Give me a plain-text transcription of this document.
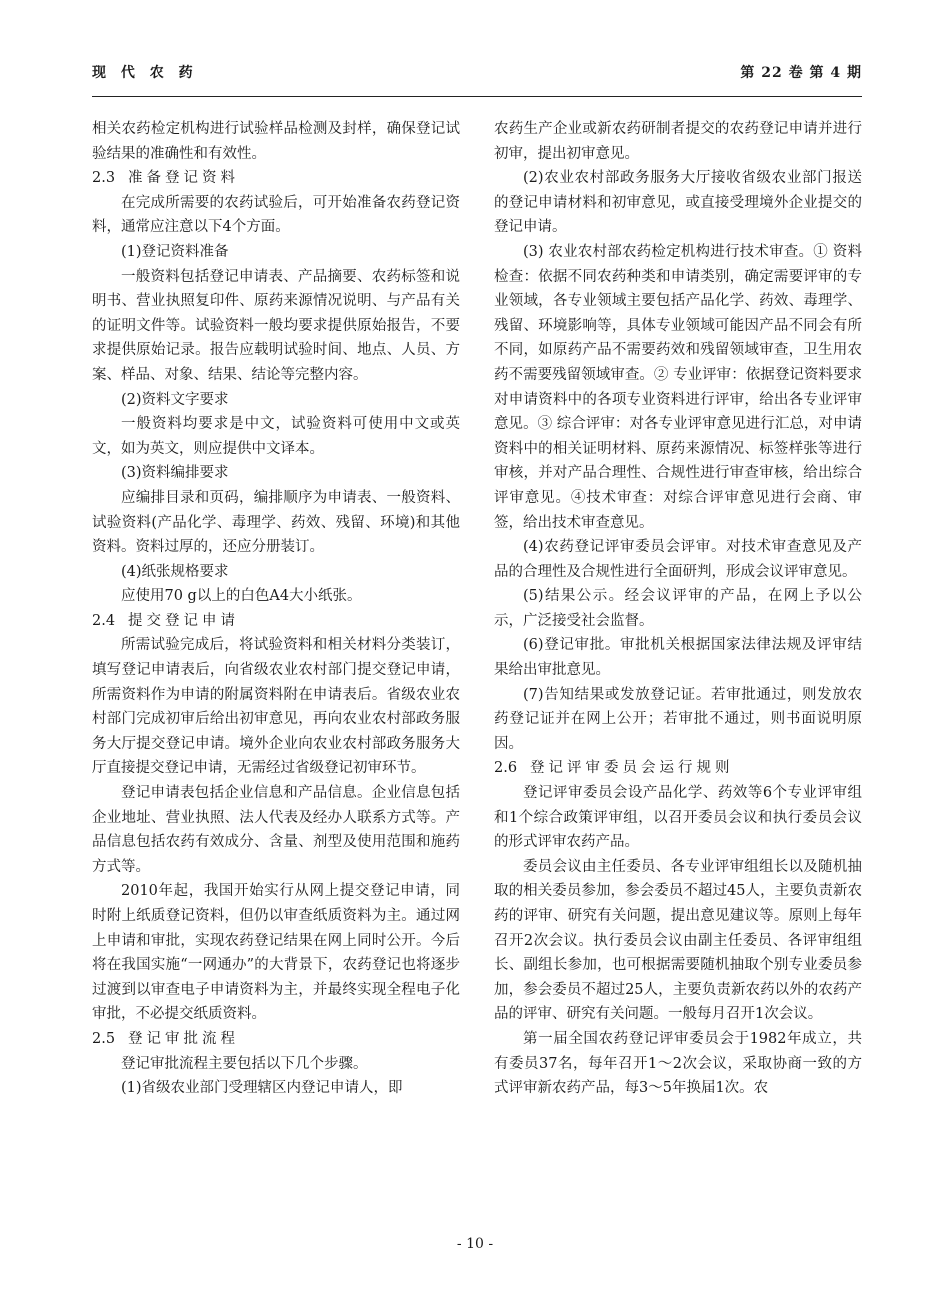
现 代 农 药	第 22 卷 第 4 期

相关农药检定机构进行试验样品检测及封样，确保登记试验结果的准确性和有效性。

2.3 准备登记资料

在完成所需要的农药试验后，可开始准备农药登记资料，通常应注意以下4个方面。

(1)登记资料准备

一般资料包括登记申请表、产品摘要、农药标签和说明书、营业执照复印件、原药来源情况说明、与产品有关的证明文件等。试验资料一般均要求提供原始报告，不要求提供原始记录。报告应载明试验时间、地点、人员、方案、样品、对象、结果、结论等完整内容。

(2)资料文字要求

一般资料均要求是中文，试验资料可使用中文或英文，如为英文，则应提供中文译本。

(3)资料编排要求

应编排目录和页码，编排顺序为申请表、一般资料、试验资料(产品化学、毒理学、药效、残留、环境)和其他资料。资料过厚的，还应分册装订。

(4)纸张规格要求

应使用70 g以上的白色A4大小纸张。

2.4 提交登记申请

所需试验完成后，将试验资料和相关材料分类装订，填写登记申请表后，向省级农业农村部门提交登记申请，所需资料作为申请的附属资料附在申请表后。省级农业农村部门完成初审后给出初审意见，再向农业农村部政务服务大厅提交登记申请。境外企业向农业农村部政务服务大厅直接提交登记申请，无需经过省级登记初审环节。

登记申请表包括企业信息和产品信息。企业信息包括企业地址、营业执照、法人代表及经办人联系方式等。产品信息包括农药有效成分、含量、剂型及使用范围和施药方式等。

2010年起，我国开始实行从网上提交登记申请，同时附上纸质登记资料，但仍以审查纸质资料为主。通过网上申请和审批，实现农药登记结果在网上同时公开。今后将在我国实施“一网通办”的大背景下，农药登记也将逐步过渡到以审查电子申请资料为主，并最终实现全程电子化审批，不必提交纸质资料。

2.5 登记审批流程

登记审批流程主要包括以下几个步骤。

(1)省级农业部门受理辖区内登记申请人，即

农药生产企业或新农药研制者提交的农药登记申请并进行初审，提出初审意见。

(2)农业农村部政务服务大厅接收省级农业部门报送的登记申请材料和初审意见，或直接受理境外企业提交的登记申请。

(3) 农业农村部农药检定机构进行技术审查。① 资料检查：依据不同农药种类和申请类别，确定需要评审的专业领域，各专业领域主要包括产品化学、药效、毒理学、残留、环境影响等，具体专业领域可能因产品不同会有所不同，如原药产品不需要药效和残留领域审查，卫生用农药不需要残留领域审查。② 专业评审：依据登记资料要求对申请资料中的各项专业资料进行评审，给出各专业评审意见。③ 综合评审：对各专业评审意见进行汇总，对申请资料中的相关证明材料、原药来源情况、标签样张等进行审核，并对产品合理性、合规性进行审查审核，给出综合评审意见。④技术审查：对综合评审意见进行会商、审签，给出技术审查意见。

(4)农药登记评审委员会评审。对技术审查意见及产品的合理性及合规性进行全面研判，形成会议评审意见。

(5)结果公示。经会议评审的产品，在网上予以公示，广泛接受社会监督。

(6)登记审批。审批机关根据国家法律法规及评审结果给出审批意见。

(7)告知结果或发放登记证。若审批通过，则发放农药登记证并在网上公开；若审批不通过，则书面说明原因。

2.6 登记评审委员会运行规则

登记评审委员会设产品化学、药效等6个专业评审组和1个综合政策评审组，以召开委员会议和执行委员会议的形式评审农药产品。

委员会议由主任委员、各专业评审组组长以及随机抽取的相关委员参加，参会委员不超过45人，主要负责新农药的评审、研究有关问题，提出意见建议等。原则上每年召开2次会议。执行委员会议由副主任委员、各评审组组长、副组长参加，也可根据需要随机抽取个别专业委员参加，参会委员不超过25人，主要负责新农药以外的农药产品的评审、研究有关问题。一般每月召开1次会议。

第一届全国农药登记评审委员会于1982年成立，共有委员37名，每年召开1～2次会议，采取协商一致的方式评审新农药产品，每3～5年换届1次。农

- 10 -
